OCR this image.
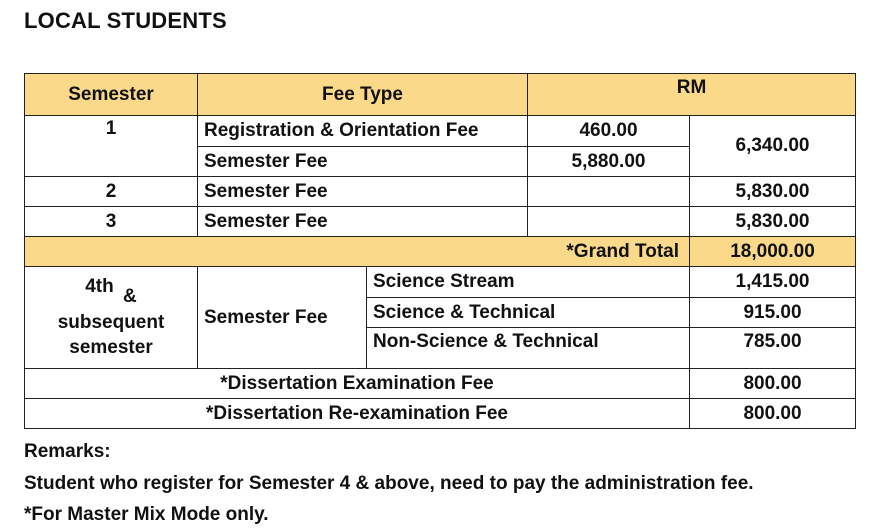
LOCAL STUDENTS
Semester	Fee Type		RM	
1	Registration & Orientation Fee		460.00	6,340.00
	Semester Fee		5,880.00	
2	Semester Fee			5,830.00
3	Semester Fee			5,830.00
*Grand Total				18,000.00

4th &
subsequent
semester	Semester Fee	Science Stream		1,415.00
		Science & Technical		915.00
		Non-Science & Technical		785.00
*Dissertation Examination Fee				800.00
*Dissertation Re-examination Fee				800.00
Remarks:
Student who register for Semester 4 & above, need to pay the administration fee.
*For Master Mix Mode only.
